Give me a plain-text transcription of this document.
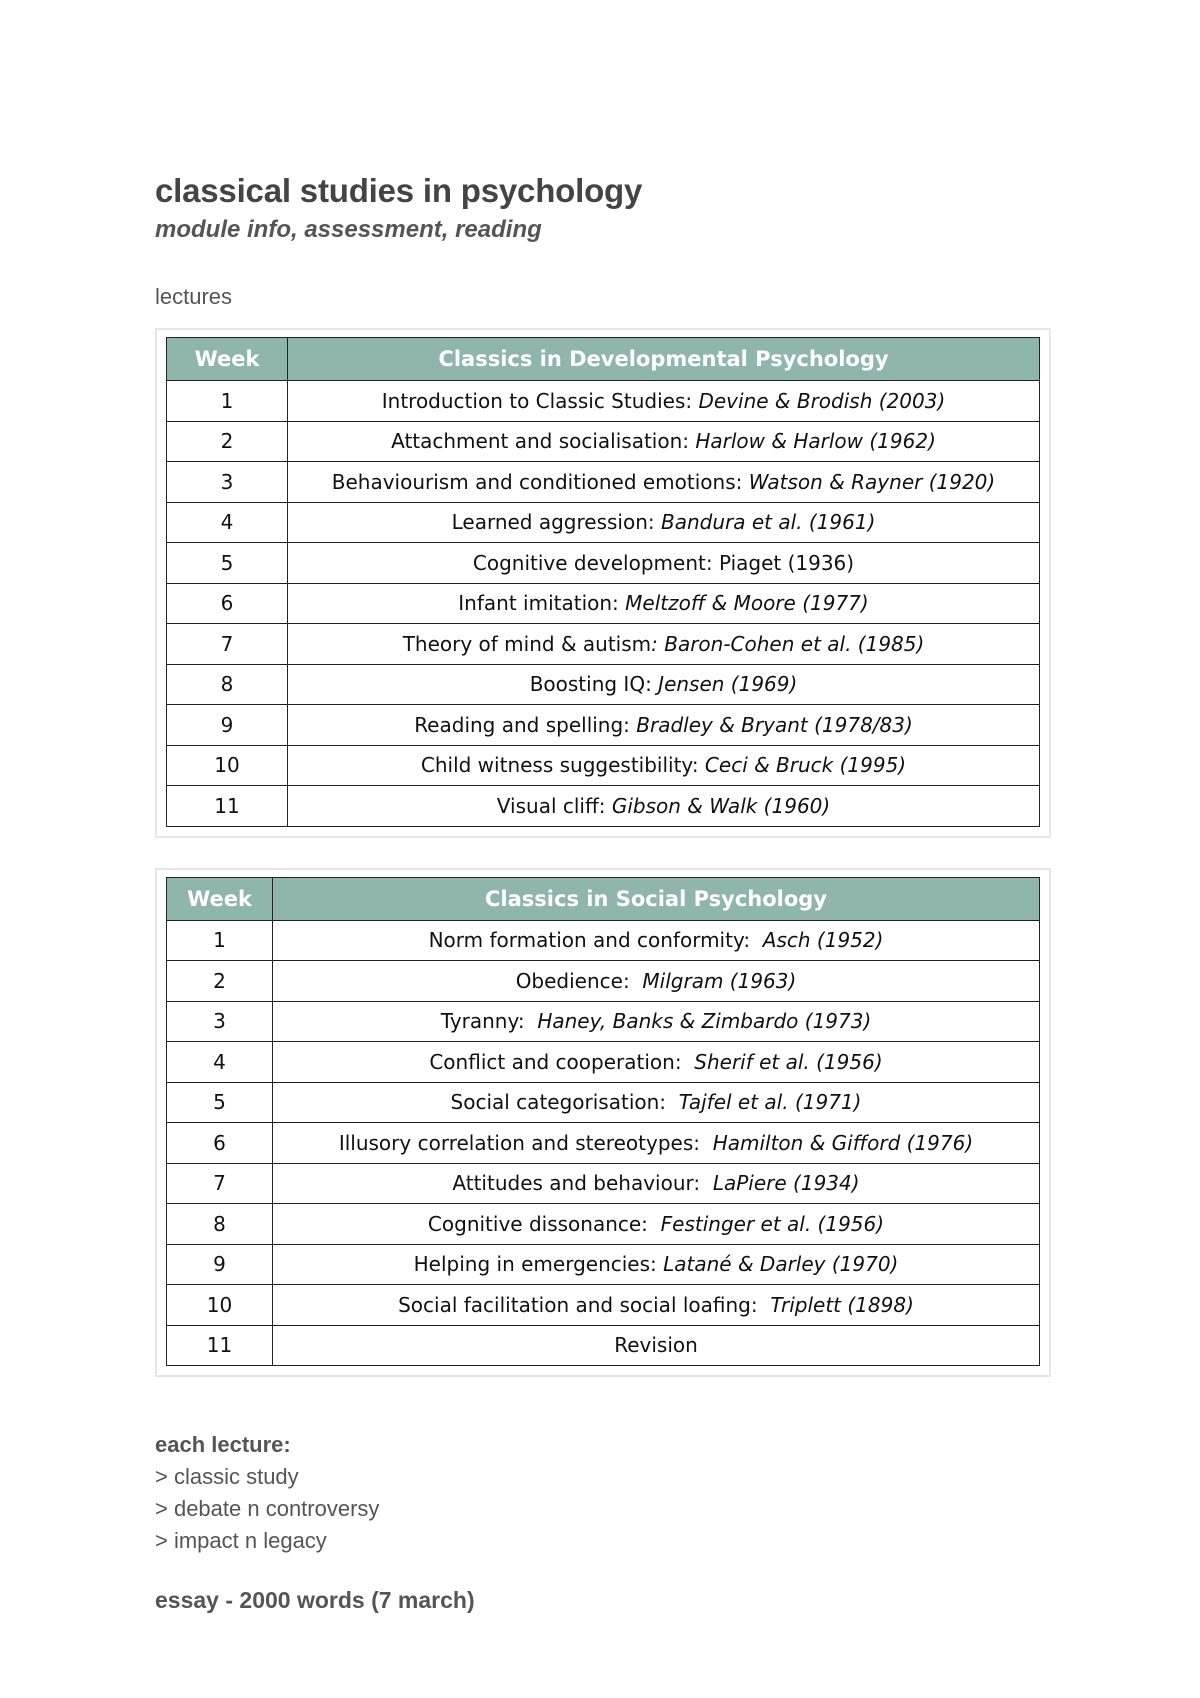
classical studies in psychology
module info, assessment, reading
lectures
Week	Classics in Developmental Psychology
1	Introduction to Classic Studies: Devine & Brodish (2003)
2	Attachment and socialisation: Harlow & Harlow (1962)
3	Behaviourism and conditioned emotions: Watson & Rayner (1920)
4	Learned aggression: Bandura et al. (1961)
5	Cognitive development: Piaget (1936)
6	Infant imitation: Meltzoff & Moore (1977)
7	Theory of mind & autism: Baron-Cohen et al. (1985)
8	Boosting IQ: Jensen (1969)
9	Reading and spelling: Bradley & Bryant (1978/83)
10	Child witness suggestibility: Ceci & Bruck (1995)
11	Visual cliff: Gibson & Walk (1960)
Week	Classics in Social Psychology
1	Norm formation and conformity:  Asch (1952)
2	Obedience:  Milgram (1963)
3	Tyranny:  Haney, Banks & Zimbardo (1973)
4	Conflict and cooperation:  Sherif et al. (1956)
5	Social categorisation:  Tajfel et al. (1971)
6	Illusory correlation and stereotypes:  Hamilton & Gifford (1976)
7	Attitudes and behaviour:  LaPiere (1934)
8	Cognitive dissonance:  Festinger et al. (1956)
9	Helping in emergencies: Latané & Darley (1970)
10	Social facilitation and social loafing:  Triplett (1898)
11	Revision
each lecture:
> classic study
> debate n controversy
> impact n legacy
essay - 2000 words (7 march)
